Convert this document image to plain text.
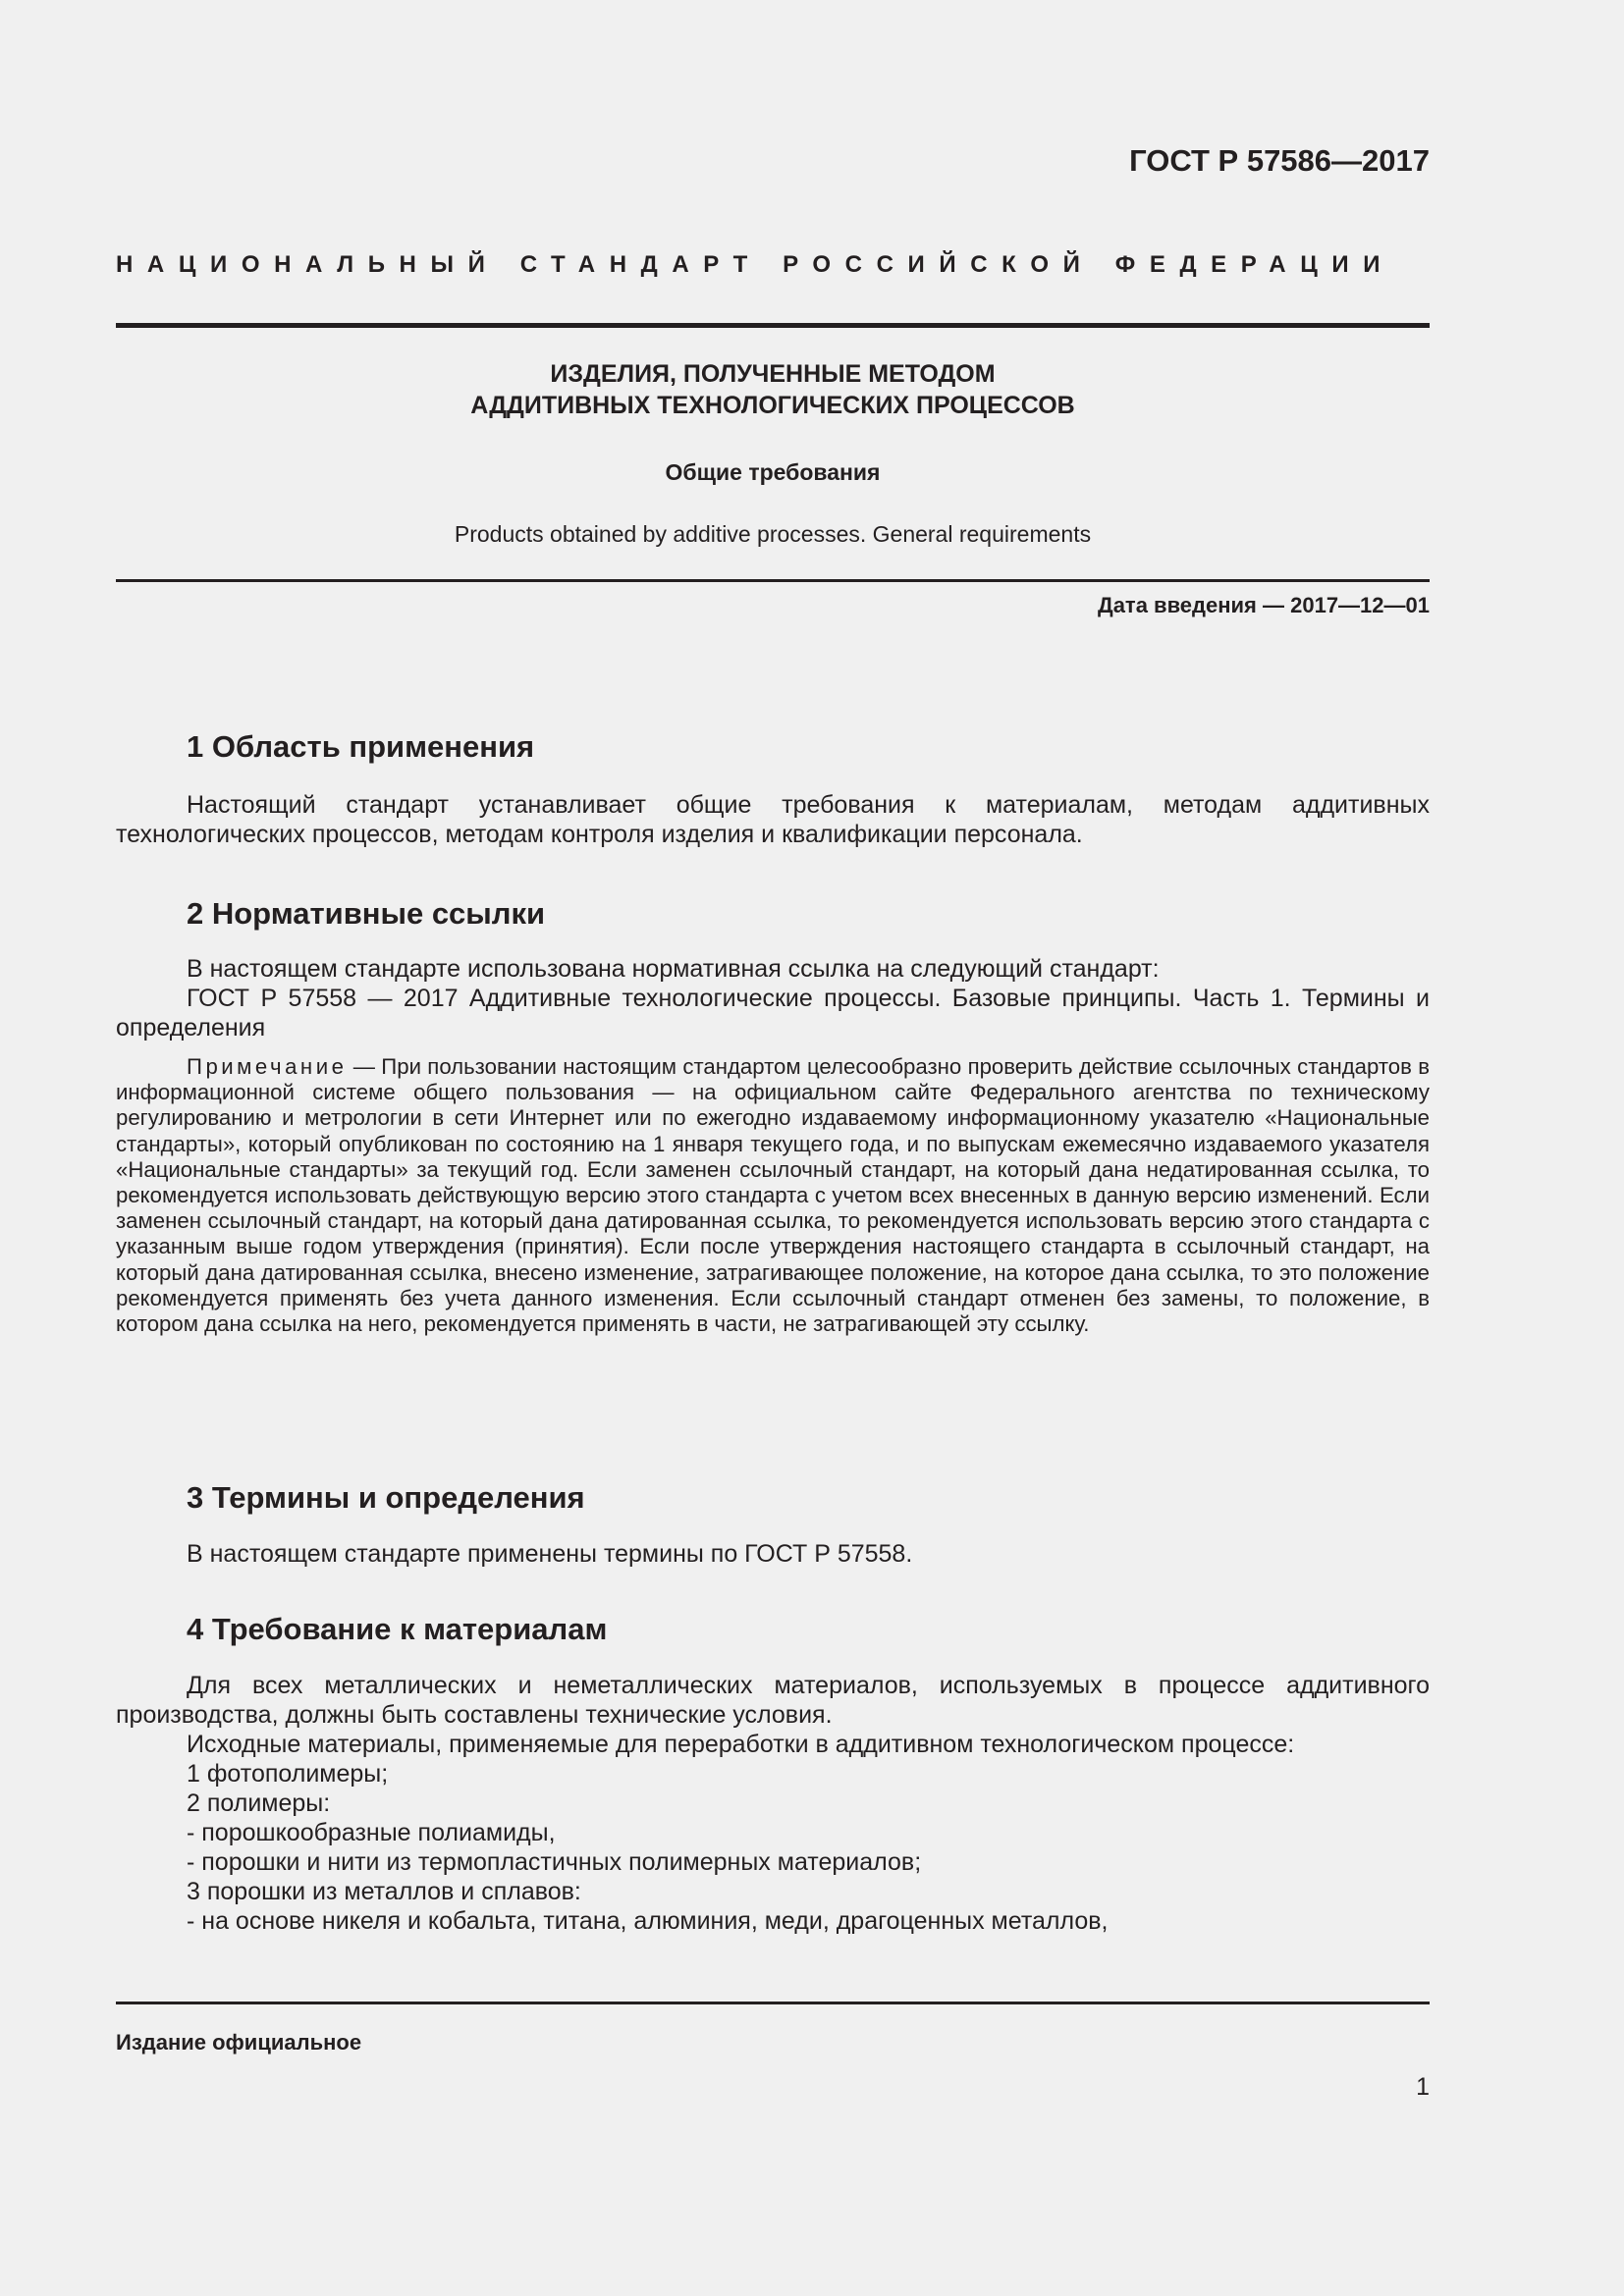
ГОСТ Р 57586—2017
НАЦИОНАЛЬНЫЙ СТАНДАРТ РОССИЙСКОЙ ФЕДЕРАЦИИ
ИЗДЕЛИЯ, ПОЛУЧЕННЫЕ МЕТОДОМ
АДДИТИВНЫХ ТЕХНОЛОГИЧЕСКИХ ПРОЦЕССОВ
Общие требования
Products obtained by additive processes. General requirements
Дата введения — 2017—12—01
1 Область применения

Настоящий стандарт устанавливает общие требования к материалам, методам аддитивных технологических процессов, методам контроля изделия и квалификации персонала.

2 Нормативные ссылки

В настоящем стандарте использована нормативная ссылка на следующий стандарт:

ГОСТ Р 57558 — 2017 Аддитивные технологические процессы. Базовые принципы. Часть 1. Термины и определения

Примечание — При пользовании настоящим стандартом целесообразно проверить действие ссылочных стандартов в информационной системе общего пользования — на официальном сайте Федерального агентства по техническому регулированию и метрологии в сети Интернет или по ежегодно издаваемому информационному указателю «Национальные стандарты», который опубликован по состоянию на 1 января текущего года, и по выпускам ежемесячно издаваемого указателя «Национальные стандарты» за текущий год. Если заменен ссылочный стандарт, на который дана недатированная ссылка, то рекомендуется использовать действующую версию этого стандарта с учетом всех внесенных в данную версию изменений. Если заменен ссылочный стандарт, на который дана датированная ссылка, то рекомендуется использовать версию этого стандарта с указанным выше годом утверждения (принятия). Если после утверждения настоящего стандарта в ссылочный стандарт, на который дана датированная ссылка, внесено изменение, затрагивающее положение, на которое дана ссылка, то это положение рекомендуется применять без учета данного изменения. Если ссылочный стандарт отменен без замены, то положение, в котором дана ссылка на него, рекомендуется применять в части, не затрагивающей эту ссылку.

3 Термины и определения

В настоящем стандарте применены термины по ГОСТ Р 57558.

4 Требование к материалам

Для всех металлических и неметаллических материалов, используемых в процессе аддитивного производства, должны быть составлены технические условия.

Исходные материалы, применяемые для переработки в аддитивном технологическом процессе:

1 фотополимеры;

2 полимеры:

- порошкообразные полиамиды,

- порошки и нити из термопластичных полимерных материалов;

3 порошки из металлов и сплавов:

- на основе никеля и кобальта, титана, алюминия, меди, драгоценных металлов,

Издание официальное
1
